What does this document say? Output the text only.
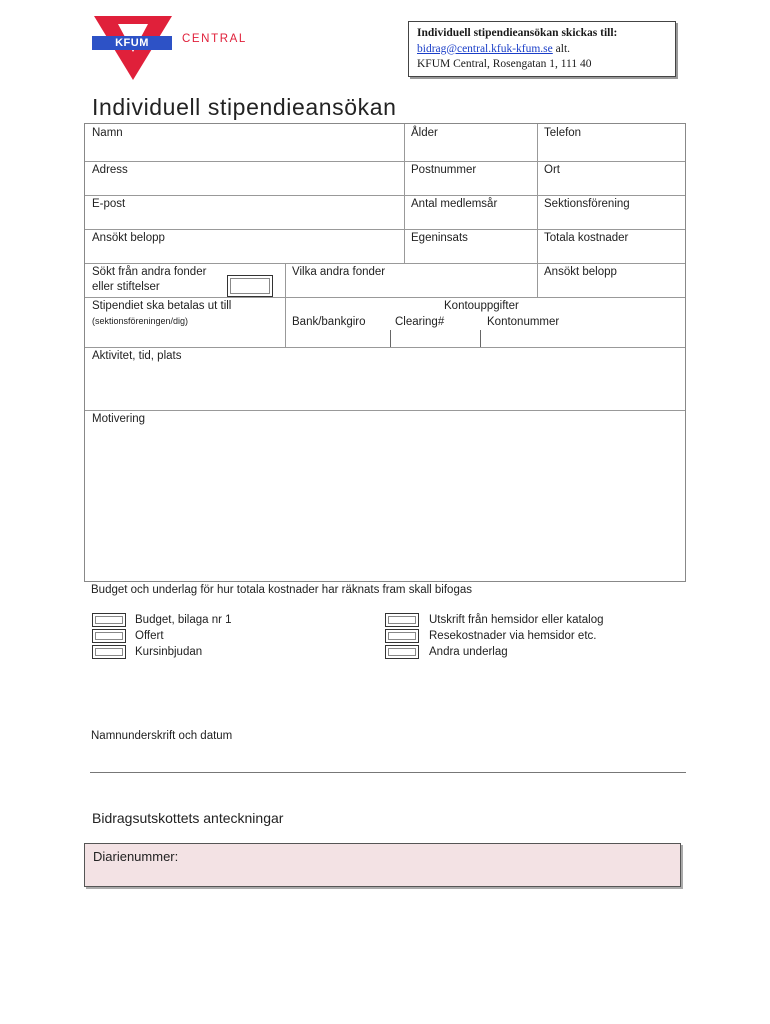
KFUM	CENTRAL	Individuell stipendieansökan skickas till:
bidrag@central.kfuk-kfum.se alt.
KFUM Central, Rosengatan 1, 111 40
Individuell stipendieansökan
Namn	Ålder	Telefon
Adress	Postnummer	Ort
E-post	Antal medlemsår	Sektionsförening
Ansökt belopp	Egeninsats	Totala kostnader
Sökt från andra fonder
eller stiftelser
Vilka andra fonder	Ansökt belopp
Stipendiet ska betalas ut till
(sektionsföreningen/dig)
Kontouppgifter
Bank/bankgiro	Clearing#	Kontonummer
Aktivitet, tid, plats
Motivering
Budget och underlag för hur totala kostnader har räknats fram skall bifogas
Budget, bilaga nr 1
Offert
Kursinbjudan
Utskrift från hemsidor eller katalog
Resekostnader via hemsidor etc.
Andra underlag
Namnunderskrift och datum
Bidragsutskottets anteckningar
Diarienummer:
